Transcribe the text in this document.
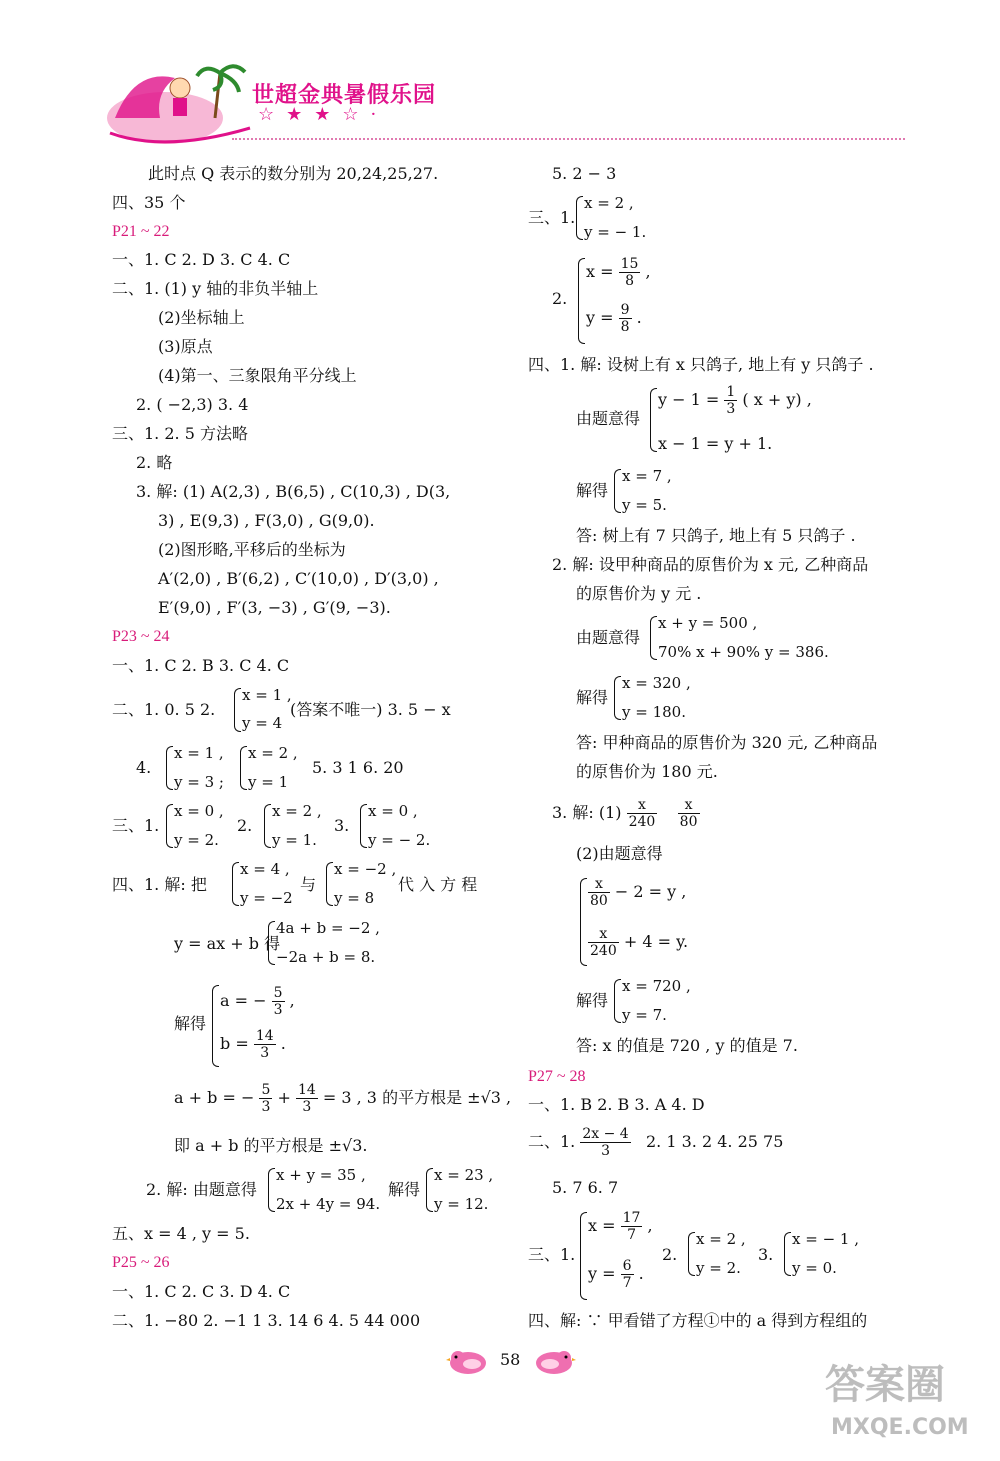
世超金典暑假乐园
☆★★☆·
此时点 Q 表示的数分别为 20,24,25,27.
四、35 个
P21 ~ 22
一、1. C 2. D 3. C 4. C
二、1. (1) y 轴的非负半轴上
(2)坐标轴上
(3)原点
(4)第一、三象限角平分线上
2. ( −2,3) 3. 4
三、1. 2. 5 方法略
2. 略
3. 解: (1) A(2,3) , B(6,5) , C(10,3) , D(3,
3) , E(9,3) , F(3,0) , G(9,0).
(2)图形略,平移后的坐标为
A′(2,0) , B′(6,2) , C′(10,0) , D′(3,0) ,
E′(9,0) , F′(3, −3) , G′(9, −3).
P23 ~ 24
一、1. C 2. B 3. C 4. C
二、1. 0. 5 2.
x = 1 ,
y = 4
(答案不唯一) 3. 5 − x
4.
x = 1 ,
y = 3 ;
x = 2 ,
y = 1
5. 3 1 6. 20
三、1.
x = 0 ,
y = 2.
2.
x = 2 ,
y = 1.
3.
x = 0 ,
y = − 2.
四、1. 解: 把
x = 4 ,
y = −2
与
x = −2 ,
y = 8
代 入 方 程
y = ax + b 得
4a + b = −2 ,
−2a + b = 8.
解得
a = − $\frac{5}{3}$ ,
$b = \frac{14}{3}$ .
a + b = − $\frac{5}{3} + \frac{14}{3} = 3$ , 3 的平方根是 ±√3 ,
即 a + b 的平方根是 ±√3.
2. 解: 由题意得
x + y = 35 ,
2x + 4y = 94.
解得
x = 23 ,
y = 12.
五、x = 4 , y = 5.
P25 ~ 26
一、1. C 2. C 3. D 4. C
二、1. −80 2. −1 1 3. 14 6 4. 5 44 000
5. 2 − 3
三、1.
x = 2 ,
y = − 1.
2.
$x = \frac{15}{8}$ ,
$y = \frac{9}{8}$ .
四、1. 解: 设树上有 x 只鸽子, 地上有 y 只鸽子 .
由题意得
$y - 1 = \frac{1}{3}$ ( x + y) ,
x − 1 = y + 1.
解得
x = 7 ,
y = 5.
答: 树上有 7 只鸽子, 地上有 5 只鸽子 .
2. 解: 设甲种商品的原售价为 x 元, 乙种商品
的原售价为 y 元 .
由题意得
x + y = 500 ,
70% x + 90% y = 386.
解得
x = 320 ,
y = 180.
答: 甲种商品的原售价为 320 元, 乙种商品
的原售价为 180 元.
3. 解: $(1) \frac{x}{240}$
$\frac{x}{80}$
(2)由题意得
$\frac{x}{80} - 2 = y$ ,
$\frac{x}{240} + 4 = y$.
解得
x = 720 ,
y = 7.
答: x 的值是 720 , y 的值是 7.
P27 ~ 28
一、1. B 2. B 3. A 4. D
二、1. $\frac{2x - 4}{3} 2$. 1 3. 2 4. 25 75
5. 7 6. 7
三、1.
$x = \frac{17}{7}$ ,
$y = \frac{6}{7}$ .
2.
x = 2 ,
y = 2.
3.
x = − 1 ,
y = 0.
四、解: ∵ 甲看错了方程①中的 a 得到方程组的
58
答案圈
MXQE.COM
